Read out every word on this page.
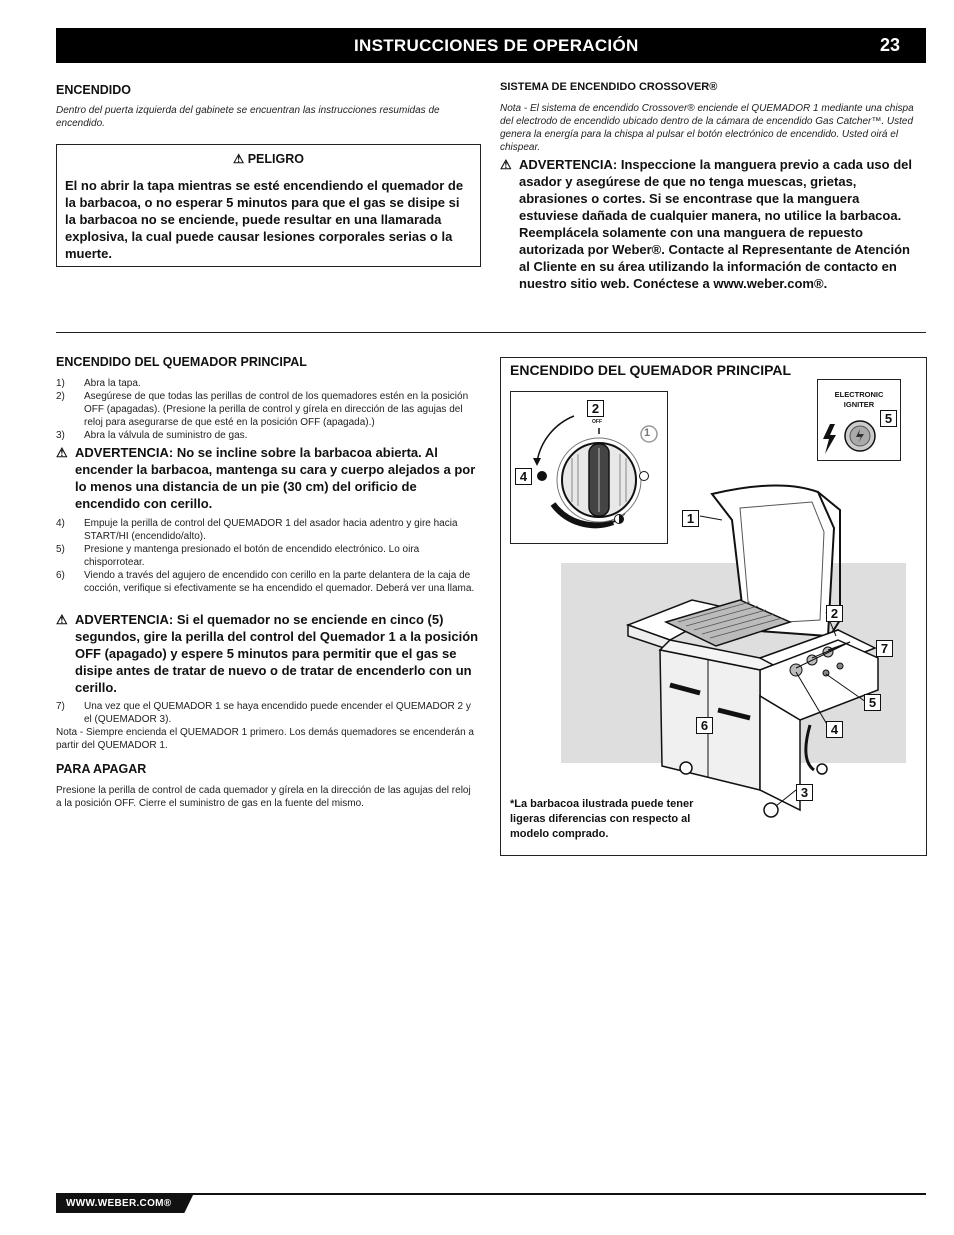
INSTRUCCIONES DE OPERACIÓN	23
ENCENDIDO
Dentro del puerta izquierda del gabinete se encuentran las instrucciones resumidas de encendido.
⚠ PELIGRO
El no abrir la tapa mientras se esté encendiendo el quemador de la barbacoa, o no esperar 5 minutos para que el gas se disipe si la barbacoa no se enciende, puede resultar en una llamarada explosiva, la cual puede causar lesiones corporales serias o la muerte.
SISTEMA DE ENCENDIDO CROSSOVER®
Nota - El sistema de encendido Crossover® enciende el QUEMADOR 1 mediante una chispa del electrodo de encendido ubicado dentro de la cámara de encendido Gas Catcher™. Usted genera la energía para la chispa al pulsar el botón electrónico de encendido. Usted oirá el chispear.
⚠ ADVERTENCIA: Inspeccione la manguera previo a cada uso del asador y asegúrese de que no tenga muescas, grietas, abrasiones o cortes. Si se encontrase que la manguera estuviese dañada de cualquier manera, no utilice la barbacoa. Reemplácela solamente con una manguera de repuesto autorizada por Weber®. Contacte al Representante de Atención al Cliente en su área utilizando la información de contacto en nuestro sitio web. Conéctese a www.weber.com®.
ENCENDIDO DEL QUEMADOR PRINCIPAL
1) Abra la tapa.
2) Asegúrese de que todas las perillas de control de los quemadores estén en la posición OFF (apagadas). (Presione la perilla de control y gírela en dirección de las agujas del reloj para asegurarse de que esté en la posición OFF (apagada).)
3) Abra la válvula de suministro de gas.
⚠ ADVERTENCIA: No se incline sobre la barbacoa abierta. Al encender la barbacoa, mantenga su cara y cuerpo alejados a por lo menos una distancia de un pie (30 cm) del orificio de encendido con cerillo.
4) Empuje la perilla de control del QUEMADOR 1 del asador hacia adentro y gire hacia START/HI (encendido/alto).
5) Presione y mantenga presionado el botón de encendido electrónico. Lo oira chisporrotear.
6) Viendo a través del agujero de encendido con cerillo en la parte delantera de la caja de cocción, verifique si efectivamente se ha encendido el quemador. Deberá ver una llama.
⚠ ADVERTENCIA: Si el quemador no se enciende en cinco (5) segundos, gire la perilla del control del Quemador 1 a la posición OFF (apagado) y espere 5 minutos para permitir que el gas se disipe antes de tratar de nuevo o de tratar de encenderlo con un cerillo.
7) Una vez que el QUEMADOR 1 se haya encendido puede encender el QUEMADOR 2 y el (QUEMADOR 3).
Nota - Siempre encienda el QUEMADOR 1 primero. Los demás quemadores se encenderán a partir del QUEMADOR 1.
PARA APAGAR
Presione la perilla de control de cada quemador y gírela en la dirección de las agujas del reloj a la posición OFF. Cierre el suministro de gas en la fuente del mismo.
ENCENDIDO DEL QUEMADOR PRINCIPAL
OFF
1
2
4
ELECTRONIC
IGNITER
5
1
2
7
5
6	4
3
*La barbacoa ilustrada puede tener ligeras diferencias con respecto al modelo comprado.
WWW.WEBER.COM®
